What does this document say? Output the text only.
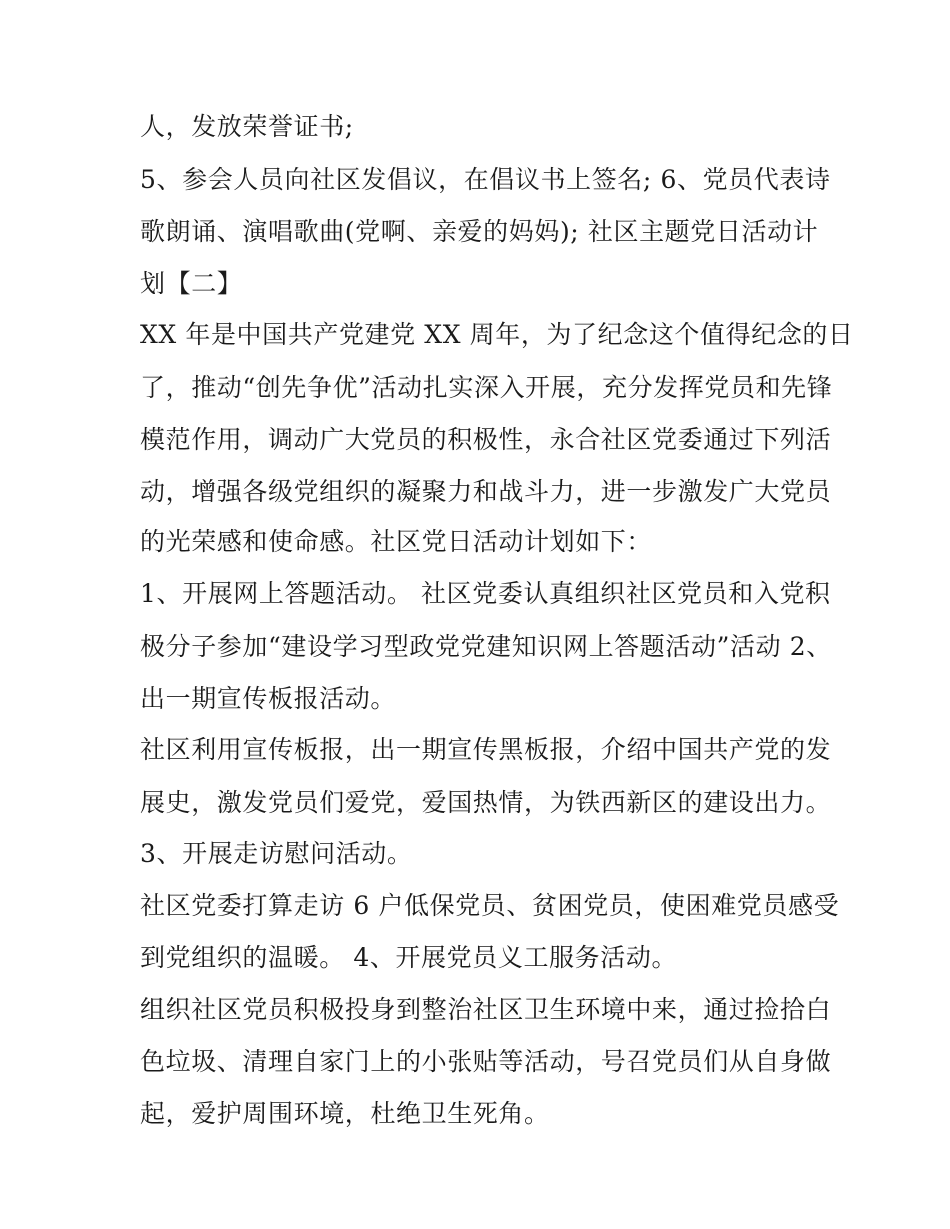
人，发放荣誉证书;
5、参会人员向社区发倡议，在倡议书上签名; 6、党员代表诗
歌朗诵、演唱歌曲(党啊、亲爱的妈妈); 社区主题党日活动计
划【二】
XX 年是中国共产党建党 XX 周年，为了纪念这个值得纪念的日
了，推动“创先争优”活动扎实深入开展，充分发挥党员和先锋
模范作用，调动广大党员的积极性，永合社区党委通过下列活
动，增强各级党组织的凝聚力和战斗力，进一步激发广大党员
的光荣感和使命感。社区党日活动计划如下：
1、开展网上答题活动。 社区党委认真组织社区党员和入党积
极分子参加“建设学习型政党党建知识网上答题活动”活动 2、
出一期宣传板报活动。
社区利用宣传板报，出一期宣传黑板报，介绍中国共产党的发
展史，激发党员们爱党，爱国热情，为铁西新区的建设出力。
3、开展走访慰问活动。
社区党委打算走访 6 户低保党员、贫困党员，使困难党员感受
到党组织的温暖。 4、开展党员义工服务活动。
组织社区党员积极投身到整治社区卫生环境中来，通过捡拾白
色垃圾、清理自家门上的小张贴等活动，号召党员们从自身做
起，爱护周围环境，杜绝卫生死角。
